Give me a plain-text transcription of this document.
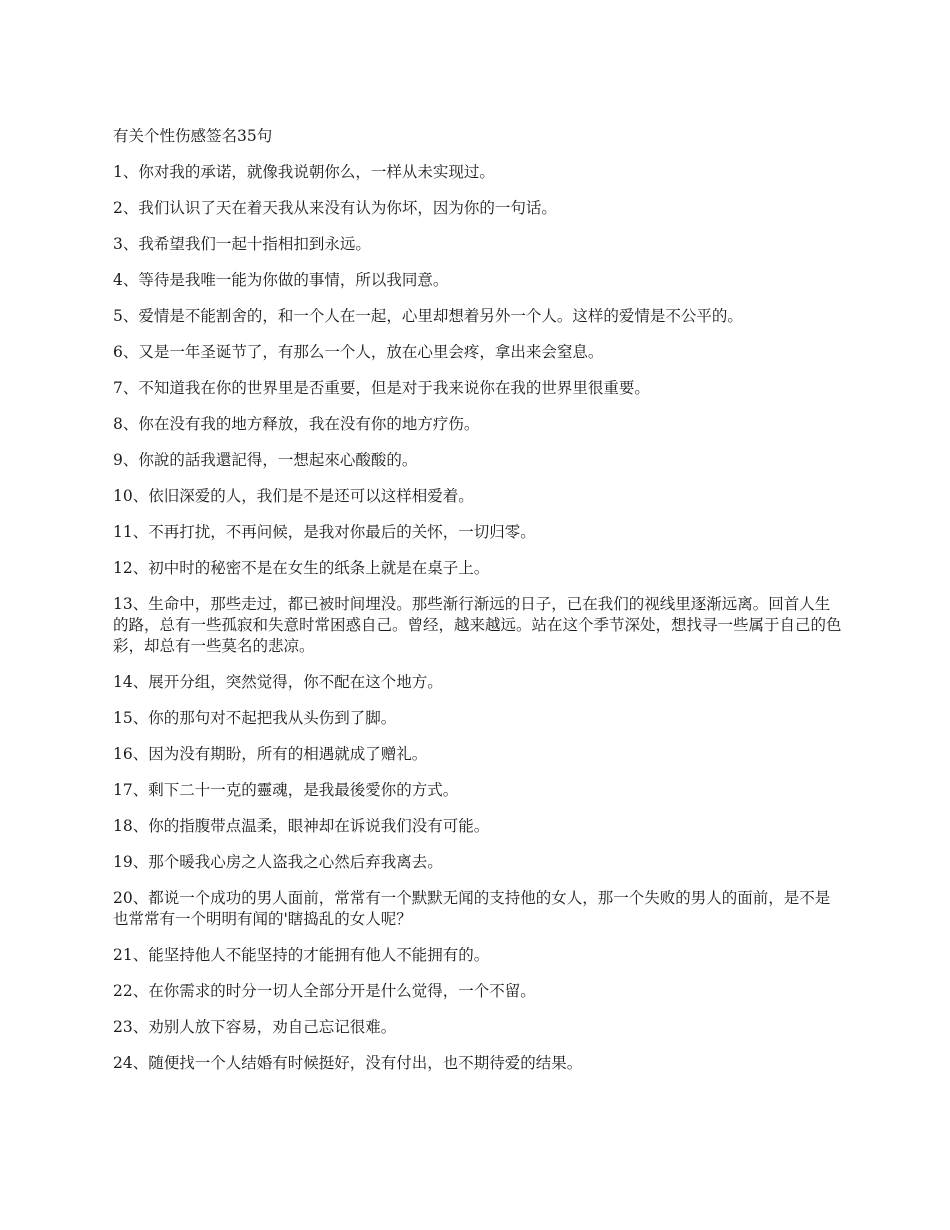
有关个性伤感签名35句
1、你对我的承诺，就像我说朝你么，一样从未实现过。
2、我们认识了天在着天我从来没有认为你坏，因为你的一句话。
3、我希望我们一起十指相扣到永远。
4、等待是我唯一能为你做的事情，所以我同意。
5、爱情是不能割舍的，和一个人在一起，心里却想着另外一个人。这样的爱情是不公平的。
6、又是一年圣诞节了，有那么一个人，放在心里会疼，拿出来会窒息。
7、不知道我在你的世界里是否重要，但是对于我来说你在我的世界里很重要。
8、你在没有我的地方释放，我在没有你的地方疗伤。
9、你說的話我還記得，一想起來心酸酸的。
10、依旧深爱的人，我们是不是还可以这样相爱着。
11、不再打扰，不再问候，是我对你最后的关怀，一切归零。
12、初中时的秘密不是在女生的纸条上就是在桌子上。
13、生命中，那些走过，都已被时间埋没。那些渐行渐远的日子，已在我们的视线里逐渐远离。回首人生的路，总有一些孤寂和失意时常困惑自己。曾经，越来越远。站在这个季节深处，想找寻一些属于自己的色彩，却总有一些莫名的悲凉。
14、展开分组，突然觉得，你不配在这个地方。
15、你的那句对不起把我从头伤到了脚。
16、因为没有期盼，所有的相遇就成了赠礼。
17、剩下二十一克的靈魂，是我最後愛你的方式。
18、你的指腹带点温柔，眼神却在诉说我们没有可能。
19、那个暖我心房之人盗我之心然后弃我离去。
20、都说一个成功的男人面前，常常有一个默默无闻的支持他的女人，那一个失败的男人的面前，是不是也常常有一个明明有闻的'瞎捣乱的女人呢？
21、能坚持他人不能坚持的才能拥有他人不能拥有的。
22、在你需求的时分一切人全部分开是什么觉得，一个不留。
23、劝别人放下容易，劝自己忘记很难。
24、随便找一个人结婚有时候挺好，没有付出，也不期待爱的结果。
